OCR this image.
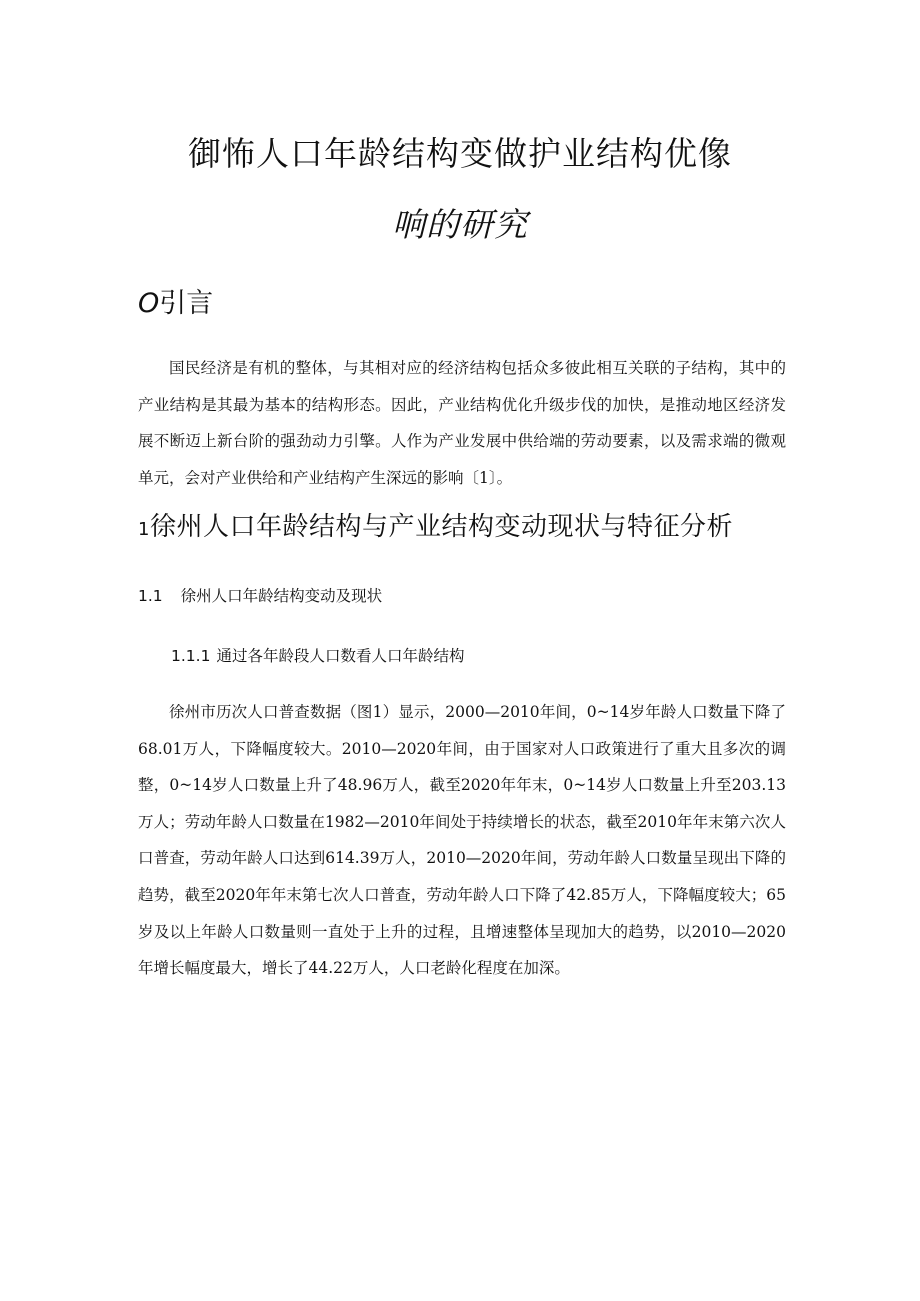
御怖人口年龄结构变做护业结构优像
响的研究
O引言

国民经济是有机的整体，与其相对应的经济结构包括众多彼此相互关联的子结构，其中的产业结构是其最为基本的结构形态。因此，产业结构优化升级步伐的加快，是推动地区经济发展不断迈上新台阶的强劲动力引擎。人作为产业发展中供给端的劳动要素，以及需求端的微观单元，会对产业供给和产业结构产生深远的影响〔1〕。

1徐州人口年龄结构与产业结构变动现状与特征分析
1.1 徐州人口年龄结构变动及现状
1.1.1 通过各年龄段人口数看人口年龄结构

徐州市历次人口普查数据（图1）显示，2000—2010年间，0~14岁年龄人口数量下降了68.01万人，下降幅度较大。2010—2020年间，由于国家对人口政策进行了重大且多次的调整，0~14岁人口数量上升了48.96万人，截至2020年年末，0~14岁人口数量上升至203.13万人；劳动年龄人口数量在1982—2010年间处于持续增长的状态，截至2010年年末第六次人口普查，劳动年龄人口达到614.39万人，2010—2020年间，劳动年龄人口数量呈现出下降的趋势，截至2020年年末第七次人口普查，劳动年龄人口下降了42.85万人，下降幅度较大；65岁及以上年龄人口数量则一直处于上升的过程，且增速整体呈现加大的趋势，以2010—2020年增长幅度最大，增长了44.22万人，人口老龄化程度在加深。
